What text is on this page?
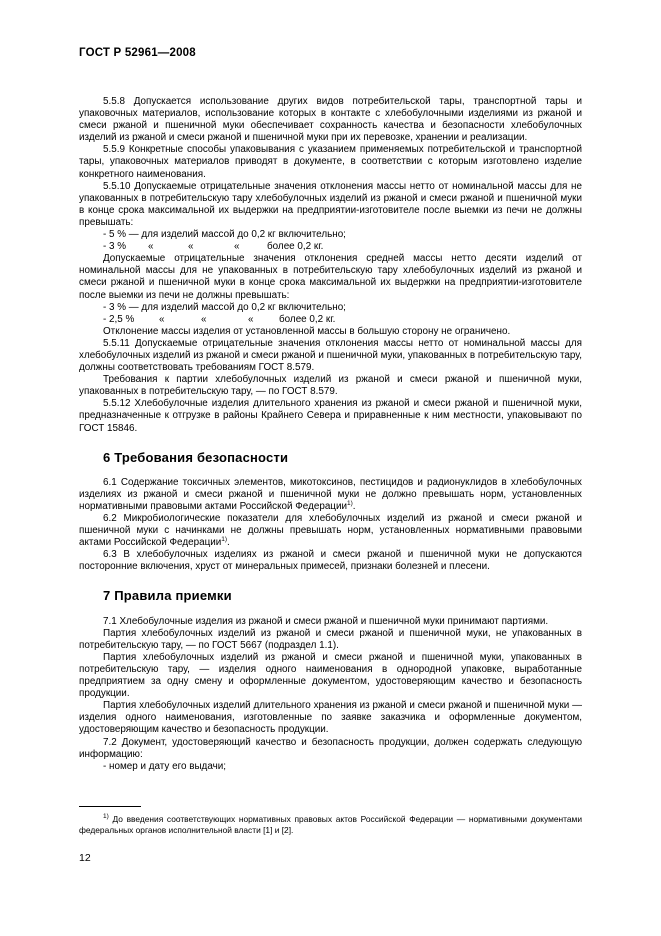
ГОСТ Р 52961—2008

5.5.8 Допускается использование других видов потребительской тары, транспортной тары и упаковочных материалов, использование которых в контакте с хлебобулочными изделиями из ржаной и смеси ржаной и пшеничной муки обеспечивает сохранность качества и безопасности хлебобулочных изделий из ржаной и смеси ржаной и пшеничной муки при их перевозке, хранении и реализации.

5.5.9 Конкретные способы упаковывания с указанием применяемых потребительской и транспортной тары, упаковочных материалов приводят в документе, в соответствии с которым изготовлено изделие конкретного наименования.

5.5.10 Допускаемые отрицательные значения отклонения массы нетто от номинальной массы для не упакованных в потребительскую тару хлебобулочных изделий из ржаной и смеси ржаной и пшеничной муки в конце срока максимальной их выдержки на предприятии-изготовителе после выемки из печи не должны превышать:

- 5 % — для изделий массой до 0,2 кг включительно;

- 3 % «	«	«	более 0,2 кг.

Допускаемые отрицательные значения отклонения средней массы нетто десяти изделий от номинальной массы для не упакованных в потребительскую тару хлебобулочных изделий из ржаной и смеси ржаной и пшеничной муки в конце срока максимальной их выдержки на предприятии-изготовителе после выемки из печи не должны превышать:

- 3 % — для изделий массой до 0,2 кг включительно;

- 2,5 % «	«	«	более 0,2 кг.

Отклонение массы изделия от установленной массы в большую сторону не ограничено.

5.5.11 Допускаемые отрицательные значения отклонения массы нетто от номинальной массы для хлебобулочных изделий из ржаной и смеси ржаной и пшеничной муки, упакованных в потребительскую тару, должны соответствовать требованиям ГОСТ 8.579.

Требования к партии хлебобулочных изделий из ржаной и смеси ржаной и пшеничной муки, упакованных в потребительскую тару, — по ГОСТ 8.579.

5.5.12 Хлебобулочные изделия длительного хранения из ржаной и смеси ржаной и пшеничной муки, предназначенные к отгрузке в районы Крайнего Севера и приравненные к ним местности, упаковывают по ГОСТ 15846.

6 Требования безопасности

6.1 Содержание токсичных элементов, микотоксинов, пестицидов и радионуклидов в хлебобулочных изделиях из ржаной и смеси ржаной и пшеничной муки не должно превышать норм, установленных нормативными правовыми актами Российской Федерации$^{1)}$.

6.2 Микробиологические показатели для хлебобулочных изделий из ржаной и смеси ржаной и пшеничной муки с начинками не должны превышать норм, установленных нормативными правовыми актами Российской Федерации$^{1)}$.

6.3 В хлебобулочных изделиях из ржаной и смеси ржаной и пшеничной муки не допускаются посторонние включения, хруст от минеральных примесей, признаки болезней и плесени.

7 Правила приемки

7.1 Хлебобулочные изделия из ржаной и смеси ржаной и пшеничной муки принимают партиями.

Партия хлебобулочных изделий из ржаной и смеси ржаной и пшеничной муки, не упакованных в потребительскую тару, — по ГОСТ 5667 (подраздел 1.1).

Партия хлебобулочных изделий из ржаной и смеси ржаной и пшеничной муки, упакованных в потребительскую тару, — изделия одного наименования в однородной упаковке, выработанные предприятием за одну смену и оформленные документом, удостоверяющим качество и безопасность продукции.

Партия хлебобулочных изделий длительного хранения из ржаной и смеси ржаной и пшеничной муки — изделия одного наименования, изготовленные по заявке заказчика и оформленные документом, удостоверяющим качество и безопасность продукции.

7.2 Документ, удостоверяющий качество и безопасность продукции, должен содержать следующую информацию:

- номер и дату его выдачи;

$^{1)}$ До введения соответствующих нормативных правовых актов Российской Федерации — нормативными документами федеральных органов исполнительной власти [1] и [2].
12
